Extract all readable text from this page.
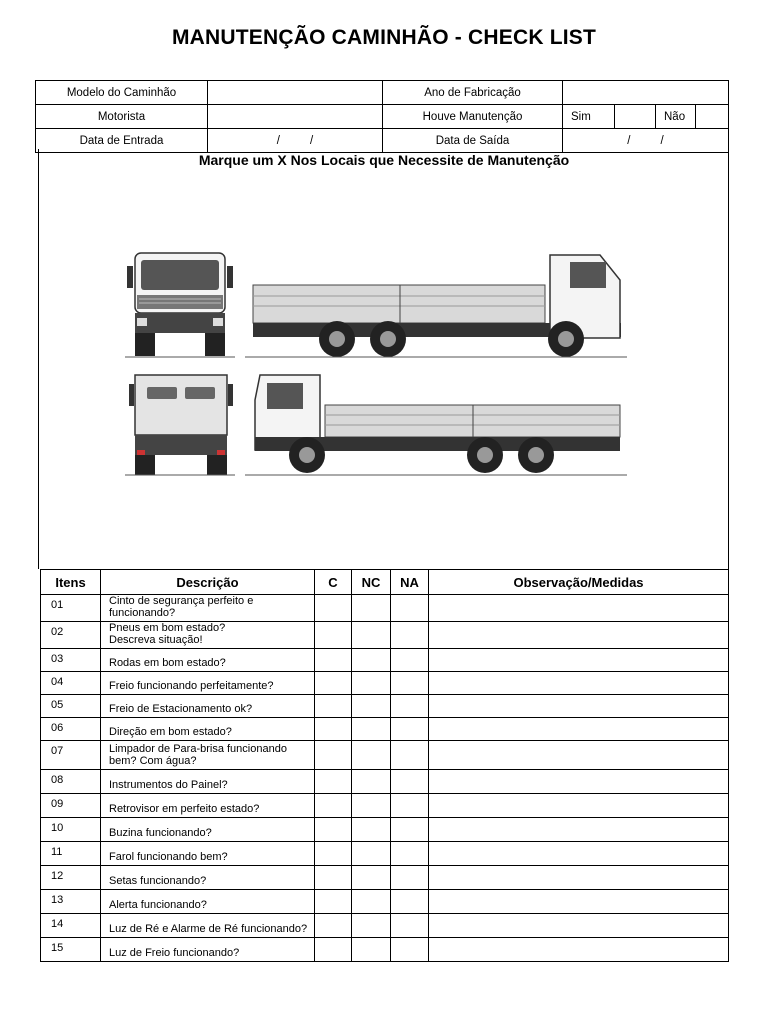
MANUTENÇÃO CAMINHÃO - CHECK LIST
Modelo do Caminhão		Ano de Fabricação				
Motorista		Houve Manutenção	Sim		Não	
Data de Entrada	/ /	Data de Saída	/ /			
Marque um X Nos Locais que Necessite de Manutenção
Itens	Descrição	C	NC	NA	Observação/Medidas
01	Cinto de segurança perfeito e
funcionando?				
02	Pneus em bom estado?
Descreva situação!				
03	Rodas em bom estado?				
04	Freio funcionando perfeitamente?				
05	Freio de Estacionamento ok?				
06	Direção em bom estado?				
07	Limpador de Para-brisa funcionando
bem? Com água?				
08	Instrumentos do Painel?				
09	Retrovisor em perfeito estado?				
10	Buzina funcionando?				
11	Farol funcionando bem?				
12	Setas funcionando?				
13	Alerta funcionando?				
14	Luz de Ré e Alarme de Ré funcionando?				
15	Luz de Freio funcionando?				
